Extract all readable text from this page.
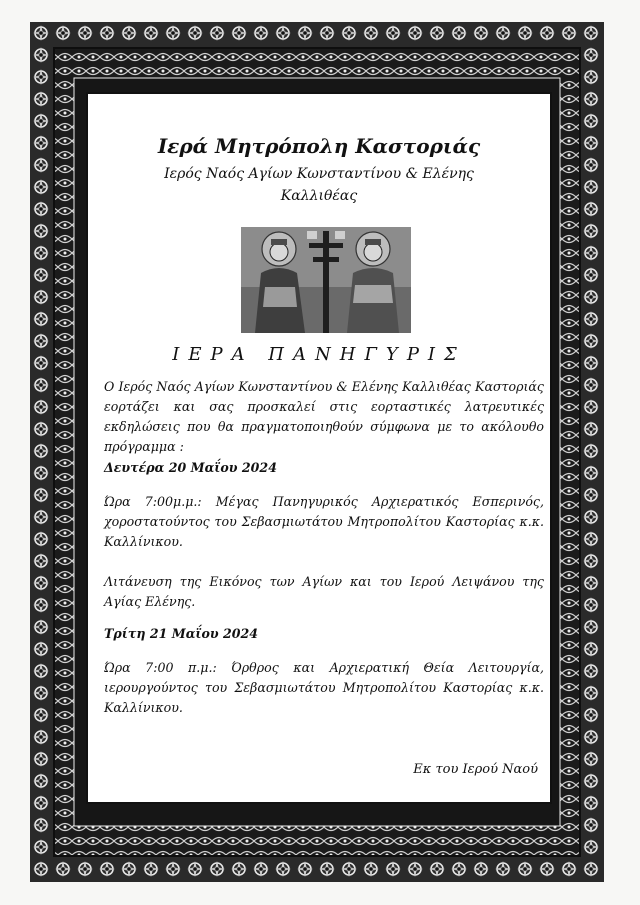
Ιερά Μητρόπολη Καστοριάς
Ιερός Ναός Αγίων Κωνσταντίνου & Ελένης
Καλλιθέας
ΙΕΡΑ ΠΑΝΗΓΥΡΙΣ
Ο Ιερός Ναός Αγίων Κωνσταντίνου & Ελένης Καλλιθέας Καστοριάς εορτάζει και σας προσκαλεί στις εορταστικές λατρευτικές εκδηλώσεις που θα πραγματοποιηθούν σύμφωνα με το ακόλουθο πρόγραμμα :
Δευτέρα 20 Μαΐου 2024
Ώρα 7:00μ.μ.: Μέγας Πανηγυρικός Αρχιερατικός Εσπερινός, χοροστατούντος του Σεβασμιωτάτου Μητροπολίτου Καστορίας κ.κ. Καλλίνικου.
Λιτάνευση της Εικόνος των Αγίων και του Ιερού Λειψάνου της Αγίας Ελένης.
Τρίτη 21 Μαΐου 2024
Ώρα 7:00 π.μ.: Όρθρος και Αρχιερατική Θεία Λειτουργία, ιερουργούντος του Σεβασμιωτάτου Μητροπολίτου Καστορίας κ.κ. Καλλίνικου.
Εκ του Ιερού Ναού
